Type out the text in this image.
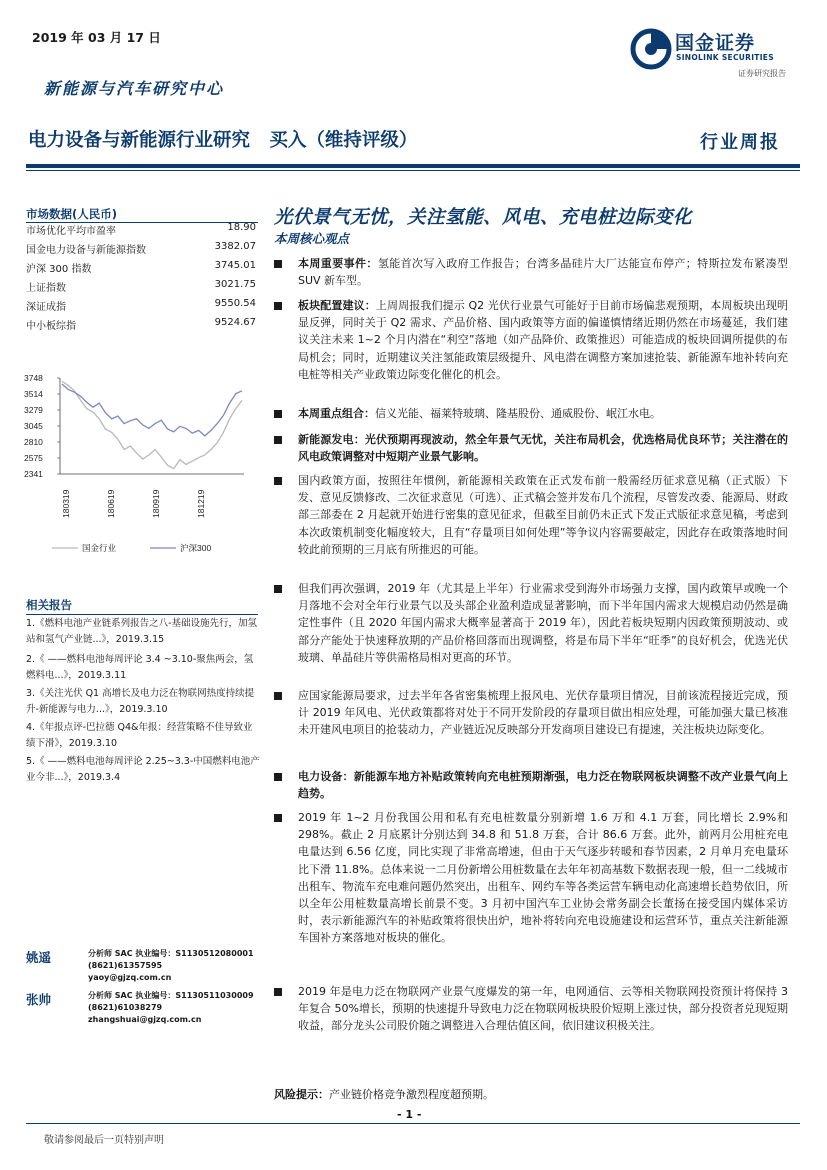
2019 年 03 月 17 日	国金证券
SINOLINK SECURITIES
证券研究报告
新能源与汽车研究中心
电力设备与新能源行业研究   买入（维持评级）	行业周报
市场数据(人民币)
市场优化平均市盈率	18.90
国金电力设备与新能源指数	3382.07
沪深 300 指数	3745.01
上证指数	3021.75
深证成指	9550.54
中小板综指	9524.67
3748
3514
3279
3045
2810
2575
2341
180319	180619	180919	181219
国金行业	沪深300
相关报告
1.《燃料电池产业链系列报告之八-基础设施先行，加氢站和氢气产业链...》，2019.3.15
2.《 ——燃料电池每周评论 3.4 ~3.10-聚焦两会，氢燃料电...》，2019.3.11
3.《关注光伏 Q1 高增长及电力泛在物联网热度持续提升-新能源与电力...》，2019.3.10
4.《年报点评-巴拉德 Q4&年报：经营策略不佳导致业绩下滑》，2019.3.10
5.《 ——燃料电池每周评论 2.25~3.3-中国燃料电池产业今非...》，2019.3.4
姚遥	分析师 SAC 执业编号：S1130512080001
(8621)61357595
yaoy@gjzq.com.cn
张帅	分析师 SAC 执业编号：S1130511030009
(8621)61038279
zhangshuai@gjzq.com.cn
光伏景气无忧，关注氢能、风电、充电桩边际变化
本周核心观点
本周重要事件：氢能首次写入政府工作报告；台湾多晶硅片大厂达能宣布停产；特斯拉发布紧凑型 SUV 新车型。
板块配置建议：上周周报我们提示 Q2 光伏行业景气可能好于目前市场偏悲观预期，本周板块出现明显反弹，同时关于 Q2 需求、产品价格、国内政策等方面的偏谨慎情绪近期仍然在市场蔓延，我们建议关注未来 1~2 个月内潜在“利空”落地（如产品降价、政策推迟）可能造成的板块回调所提供的布局机会；同时，近期建议关注氢能政策层级提升、风电潜在调整方案加速抢装、新能源车地补转向充电桩等相关产业政策边际变化催化的机会。
本周重点组合：信义光能、福莱特玻璃、隆基股份、通威股份、岷江水电。
新能源发电：光伏预期再现波动，然全年景气无忧，关注布局机会，优选格局优良环节；关注潜在的风电政策调整对中短期产业景气影响。
国内政策方面，按照往年惯例，新能源相关政策在正式发布前一般需经历征求意见稿（正式版）下发、意见反馈修改、二次征求意见（可选）、正式稿会签并发布几个流程，尽管发改委、能源局、财政部三部委在 2 月起就开始进行密集的意见征求，但截至目前仍未正式下发正式版征求意见稿，考虑到本次政策机制变化幅度较大，且有“存量项目如何处理”等争议内容需要敲定，因此存在政策落地时间较此前预期的三月底有所推迟的可能。
但我们再次强调，2019 年（尤其是上半年）行业需求受到海外市场强力支撑，国内政策早或晚一个月落地不会对全年行业景气以及头部企业盈利造成显著影响，而下半年国内需求大规模启动仍然是确定性事件（且 2020 年国内需求大概率显著高于 2019 年），因此若板块短期内因政策预期波动、或部分产能处于快速释放期的产品价格回落而出现调整，将是布局下半年“旺季”的良好机会，优选光伏玻璃、单晶硅片等供需格局相对更高的环节。
应国家能源局要求，过去半年各省密集梳理上报风电、光伏存量项目情况，目前该流程接近完成，预计 2019 年风电、光伏政策都将对处于不同开发阶段的存量项目做出相应处理，可能加强大量已核准未开建风电项目的抢装动力，产业链近况反映部分开发商项目建设已有提速，关注板块边际变化。
电力设备：新能源车地方补贴政策转向充电桩预期渐强，电力泛在物联网板块调整不改产业景气向上趋势。
2019 年 1~2 月份我国公用和私有充电桩数量分别新增 1.6 万和 4.1 万套，同比增长 2.9%和 298%。截止 2 月底累计分别达到 34.8 和 51.8 万套，合计 86.6 万套。此外，前两月公用桩充电电量达到 6.56 亿度，同比实现了非常高增速，但由于天气逐步转暖和春节因素，2 月单月充电量环比下滑 11.8%。总体来说一二月份新增公用桩数量在去年年初高基数下数据表现一般，但一二线城市出租车、物流车充电难问题仍然突出，出租车、网约车等各类运营车辆电动化高速增长趋势依旧，所以全年公用桩数量高增长前景不变。3 月初中国汽车工业协会常务副会长董扬在接受国内媒体采访时，表示新能源汽车的补贴政策将很快出炉，地补将转向充电设施建设和运营环节，重点关注新能源车国补方案落地对板块的催化。
2019 年是电力泛在物联网产业景气度爆发的第一年，电网通信、云等相关物联网投资预计将保持 3 年复合 50%增长，预期的快速提升导致电力泛在物联网板块股价短期上涨过快，部分投资者兑现短期收益，部分龙头公司股价随之调整进入合理估值区间，依旧建议积极关注。
风险提示：产业链价格竞争激烈程度超预期。
- 1 -
敬请参阅最后一页特别声明
